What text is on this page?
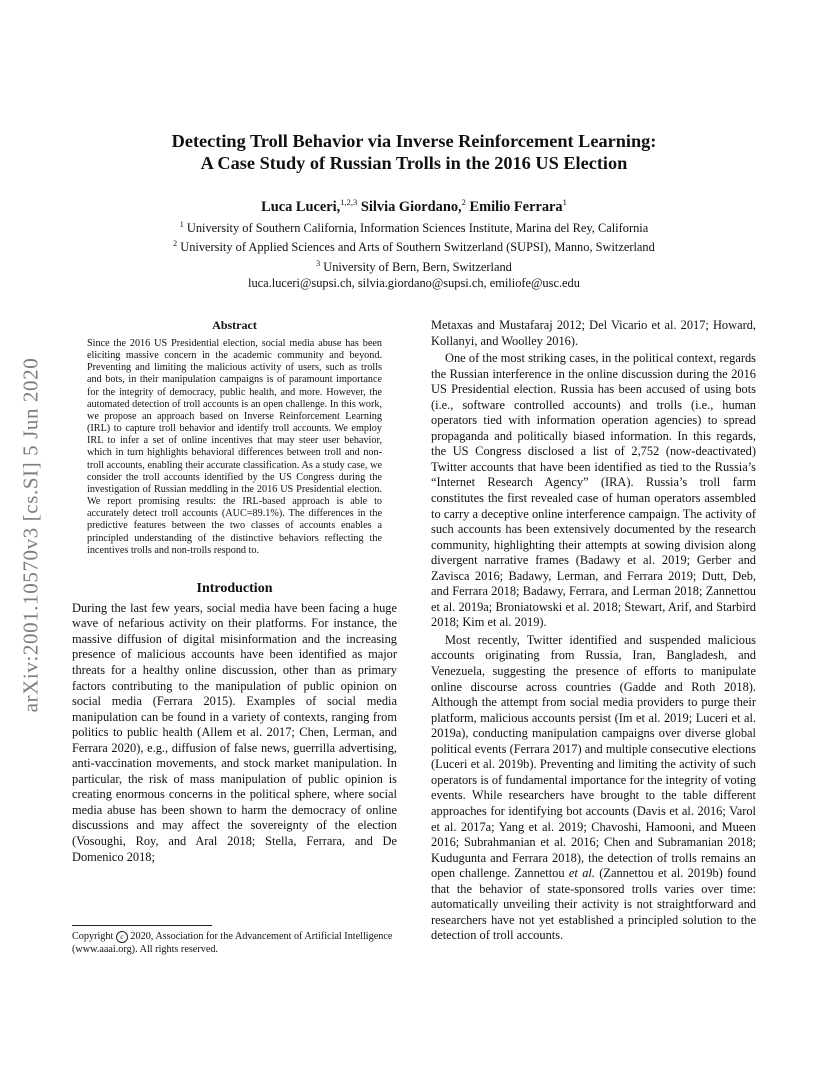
arXiv:2001.10570v3 [cs.SI] 5 Jun 2020
Detecting Troll Behavior via Inverse Reinforcement Learning:
A Case Study of Russian Trolls in the 2016 US Election
Luca Luceri,$^{1,2,3}$ Silvia Giordano,$^2$ Emilio Ferrara$^1$
$^1$ University of Southern California, Information Sciences Institute, Marina del Rey, California
$^2$ University of Applied Sciences and Arts of Southern Switzerland (SUPSI), Manno, Switzerland
$^3$ University of Bern, Bern, Switzerland
luca.luceri@supsi.ch, silvia.giordano@supsi.ch, emiliofe@usc.edu
Abstract

Since the 2016 US Presidential election, social media abuse has been eliciting massive concern in the academic community and beyond. Preventing and limiting the malicious activity of users, such as trolls and bots, in their manipulation campaigns is of paramount importance for the integrity of democracy, public health, and more. However, the automated detection of troll accounts is an open challenge. In this work, we propose an approach based on Inverse Reinforcement Learning (IRL) to capture troll behavior and identify troll accounts. We employ IRL to infer a set of online incentives that may steer user behavior, which in turn highlights behavioral differences between troll and non-troll accounts, enabling their accurate classification. As a study case, we consider the troll accounts identified by the US Congress during the investigation of Russian meddling in the 2016 US Presidential election. We report promising results: the IRL-based approach is able to accurately detect troll accounts (AUC=89.1%). The differences in the predictive features between the two classes of accounts enables a principled understanding of the distinctive behaviors reflecting the incentives trolls and non-trolls respond to.

Introduction

During the last few years, social media have been facing a huge wave of nefarious activity on their platforms. For instance, the massive diffusion of digital misinformation and the increasing presence of malicious accounts have been identified as major threats for a healthy online discussion, other than as primary factors contributing to the manipulation of public opinion on social media (Ferrara 2015). Examples of social media manipulation can be found in a variety of contexts, ranging from politics to public health (Allem et al. 2017; Chen, Lerman, and Ferrara 2020), e.g., diffusion of false news, guerrilla advertising, anti-vaccination movements, and stock market manipulation. In particular, the risk of mass manipulation of public opinion is creating enormous concerns in the political sphere, where social media abuse has been shown to harm the democracy of online discussions and may affect the sovereignty of the election (Vosoughi, Roy, and Aral 2018; Stella, Ferrara, and De Domenico 2018;

Metaxas and Mustafaraj 2012; Del Vicario et al. 2017; Howard, Kollanyi, and Woolley 2016).

One of the most striking cases, in the political context, regards the Russian interference in the online discussion during the 2016 US Presidential election. Russia has been accused of using bots (i.e., software controlled accounts) and trolls (i.e., human operators tied with information operation agencies) to spread propaganda and politically biased information. In this regards, the US Congress disclosed a list of 2,752 (now-deactivated) Twitter accounts that have been identified as tied to the Russia’s “Internet Research Agency” (IRA). Russia’s troll farm constitutes the first revealed case of human operators assembled to carry a deceptive online interference campaign. The activity of such accounts has been extensively documented by the research community, highlighting their attempts at sowing division along divergent narrative frames (Badawy et al. 2019; Gerber and Zavisca 2016; Badawy, Lerman, and Ferrara 2019; Dutt, Deb, and Ferrara 2018; Badawy, Ferrara, and Lerman 2018; Zannettou et al. 2019a; Broniatowski et al. 2018; Stewart, Arif, and Starbird 2018; Kim et al. 2019).

Most recently, Twitter identified and suspended malicious accounts originating from Russia, Iran, Bangladesh, and Venezuela, suggesting the presence of efforts to manipulate online discourse across countries (Gadde and Roth 2018). Although the attempt from social media providers to purge their platform, malicious accounts persist (Im et al. 2019; Luceri et al. 2019a), conducting manipulation campaigns over diverse global political events (Ferrara 2017) and multiple consecutive elections (Luceri et al. 2019b). Preventing and limiting the activity of such operators is of fundamental importance for the integrity of voting events. While researchers have brought to the table different approaches for identifying bot accounts (Davis et al. 2016; Varol et al. 2017a; Yang et al. 2019; Chavoshi, Hamooni, and Mueen 2016; Subrahmanian et al. 2016; Chen and Subramanian 2018; Kudugunta and Ferrara 2018), the detection of trolls remains an open challenge. Zannettou et al. (Zannettou et al. 2019b) found that the behavior of state-sponsored trolls varies over time: automatically unveiling their activity is not straightforward and researchers have not yet established a principled solution to the detection of troll accounts.

Copyright c 2020, Association for the Advancement of Artificial Intelligence (www.aaai.org). All rights reserved.
